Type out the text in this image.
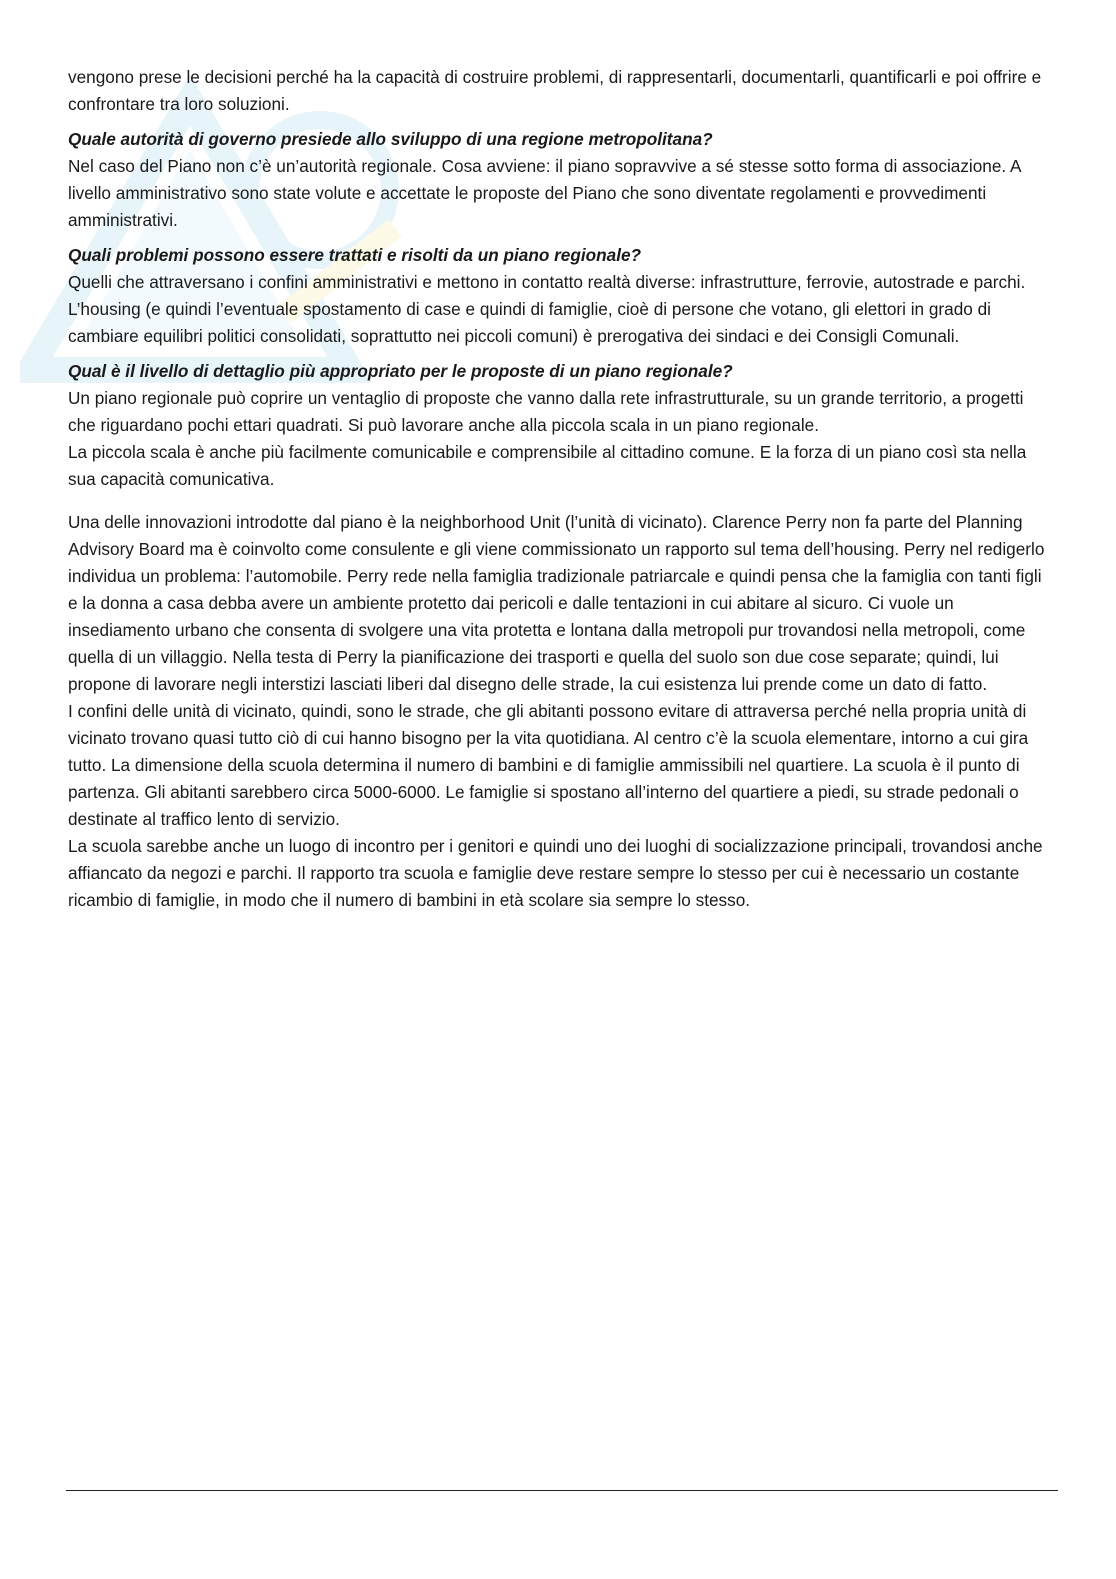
vengono prese le decisioni perché ha la capacità di costruire problemi, di rappresentarli, documentarli, quantificarli e poi offrire e confrontare tra loro soluzioni.

Quale autorità di governo presiede allo sviluppo di una regione metropolitana?

Nel caso del Piano non c’è un’autorità regionale. Cosa avviene: il piano sopravvive a sé stesse sotto forma di associazione. A livello amministrativo sono state volute e accettate le proposte del Piano che sono diventate regolamenti e provvedimenti amministrativi.

Quali problemi possono essere trattati e risolti da un piano regionale?

Quelli che attraversano i confini amministrativi e mettono in contatto realtà diverse: infrastrutture, ferrovie, autostrade e parchi.

L’housing (e quindi l’eventuale spostamento di case e quindi di famiglie, cioè di persone che votano, gli elettori in grado di cambiare equilibri politici consolidati, soprattutto nei piccoli comuni) è prerogativa dei sindaci e dei Consigli Comunali.

Qual è il livello di dettaglio più appropriato per le proposte di un piano regionale?

Un piano regionale può coprire un ventaglio di proposte che vanno dalla rete infrastrutturale, su un grande territorio, a progetti che riguardano pochi ettari quadrati. Si può lavorare anche alla piccola scala in un piano regionale.

La piccola scala è anche più facilmente comunicabile e comprensibile al cittadino comune. E la forza di un piano così sta nella sua capacità comunicativa.

Una delle innovazioni introdotte dal piano è la neighborhood Unit (l’unità di vicinato). Clarence Perry non fa parte del Planning Advisory Board ma è coinvolto come consulente e gli viene commissionato un rapporto sul tema dell’housing. Perry nel redigerlo individua un problema: l’automobile. Perry rede nella famiglia tradizionale patriarcale e quindi pensa che la famiglia con tanti figli e la donna a casa debba avere un ambiente protetto dai pericoli e dalle tentazioni in cui abitare al sicuro. Ci vuole un insediamento urbano che consenta di svolgere una vita protetta e lontana dalla metropoli pur trovandosi nella metropoli, come quella di un villaggio. Nella testa di Perry la pianificazione dei trasporti e quella del suolo son due cose separate; quindi, lui propone di lavorare negli interstizi lasciati liberi dal disegno delle strade, la cui esistenza lui prende come un dato di fatto.

I confini delle unità di vicinato, quindi, sono le strade, che gli abitanti possono evitare di attraversa perché nella propria unità di vicinato trovano quasi tutto ciò di cui hanno bisogno per la vita quotidiana. Al centro c’è la scuola elementare, intorno a cui gira tutto. La dimensione della scuola determina il numero di bambini e di famiglie ammissibili nel quartiere. La scuola è il punto di partenza. Gli abitanti sarebbero circa 5000-6000. Le famiglie si spostano all’interno del quartiere a piedi, su strade pedonali o destinate al traffico lento di servizio.

La scuola sarebbe anche un luogo di incontro per i genitori e quindi uno dei luoghi di socializzazione principali, trovandosi anche affiancato da negozi e parchi. Il rapporto tra scuola e famiglie deve restare sempre lo stesso per cui è necessario un costante ricambio di famiglie, in modo che il numero di bambini in età scolare sia sempre lo stesso.
